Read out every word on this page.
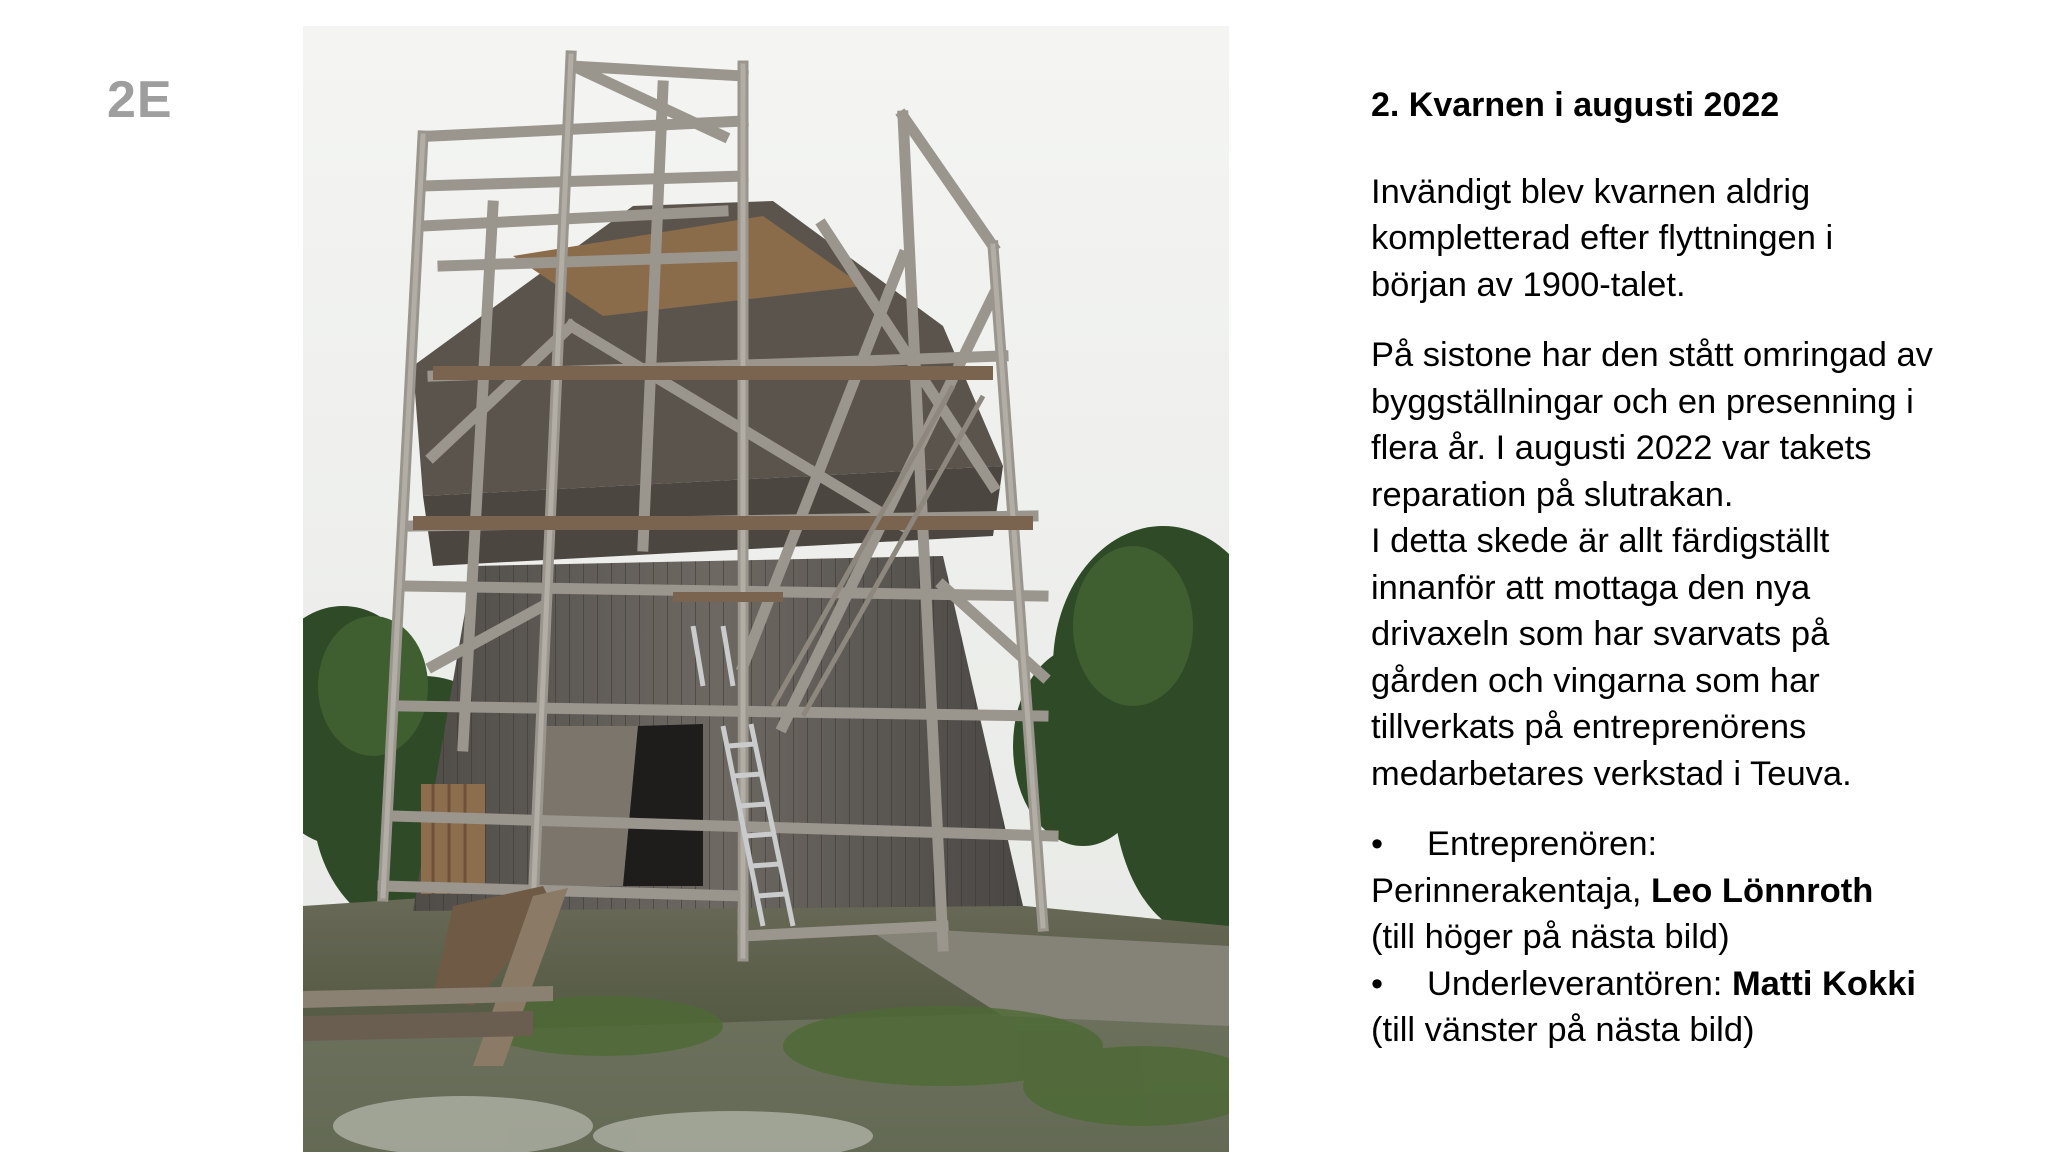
2E	2. Kvarnen i augusti 2022
Invändigt blev kvarnen aldrig
kompletterad efter flyttningen i
början av 1900-talet.
På sistone har den stått omringad av
byggställningar och en presenning i
flera år. I augusti 2022 var takets
reparation på slutrakan.
I detta skede är allt färdigställt
innanför att mottaga den nya
drivaxeln som har svarvats på
gården och vingarna som har
tillverkats på entreprenörens
medarbetares verkstad i Teuva.
• Entreprenören:
Perinnerakentaja, Leo Lönnroth
(till höger på nästa bild)
• Underleverantören: Matti Kokki
(till vänster på nästa bild)
